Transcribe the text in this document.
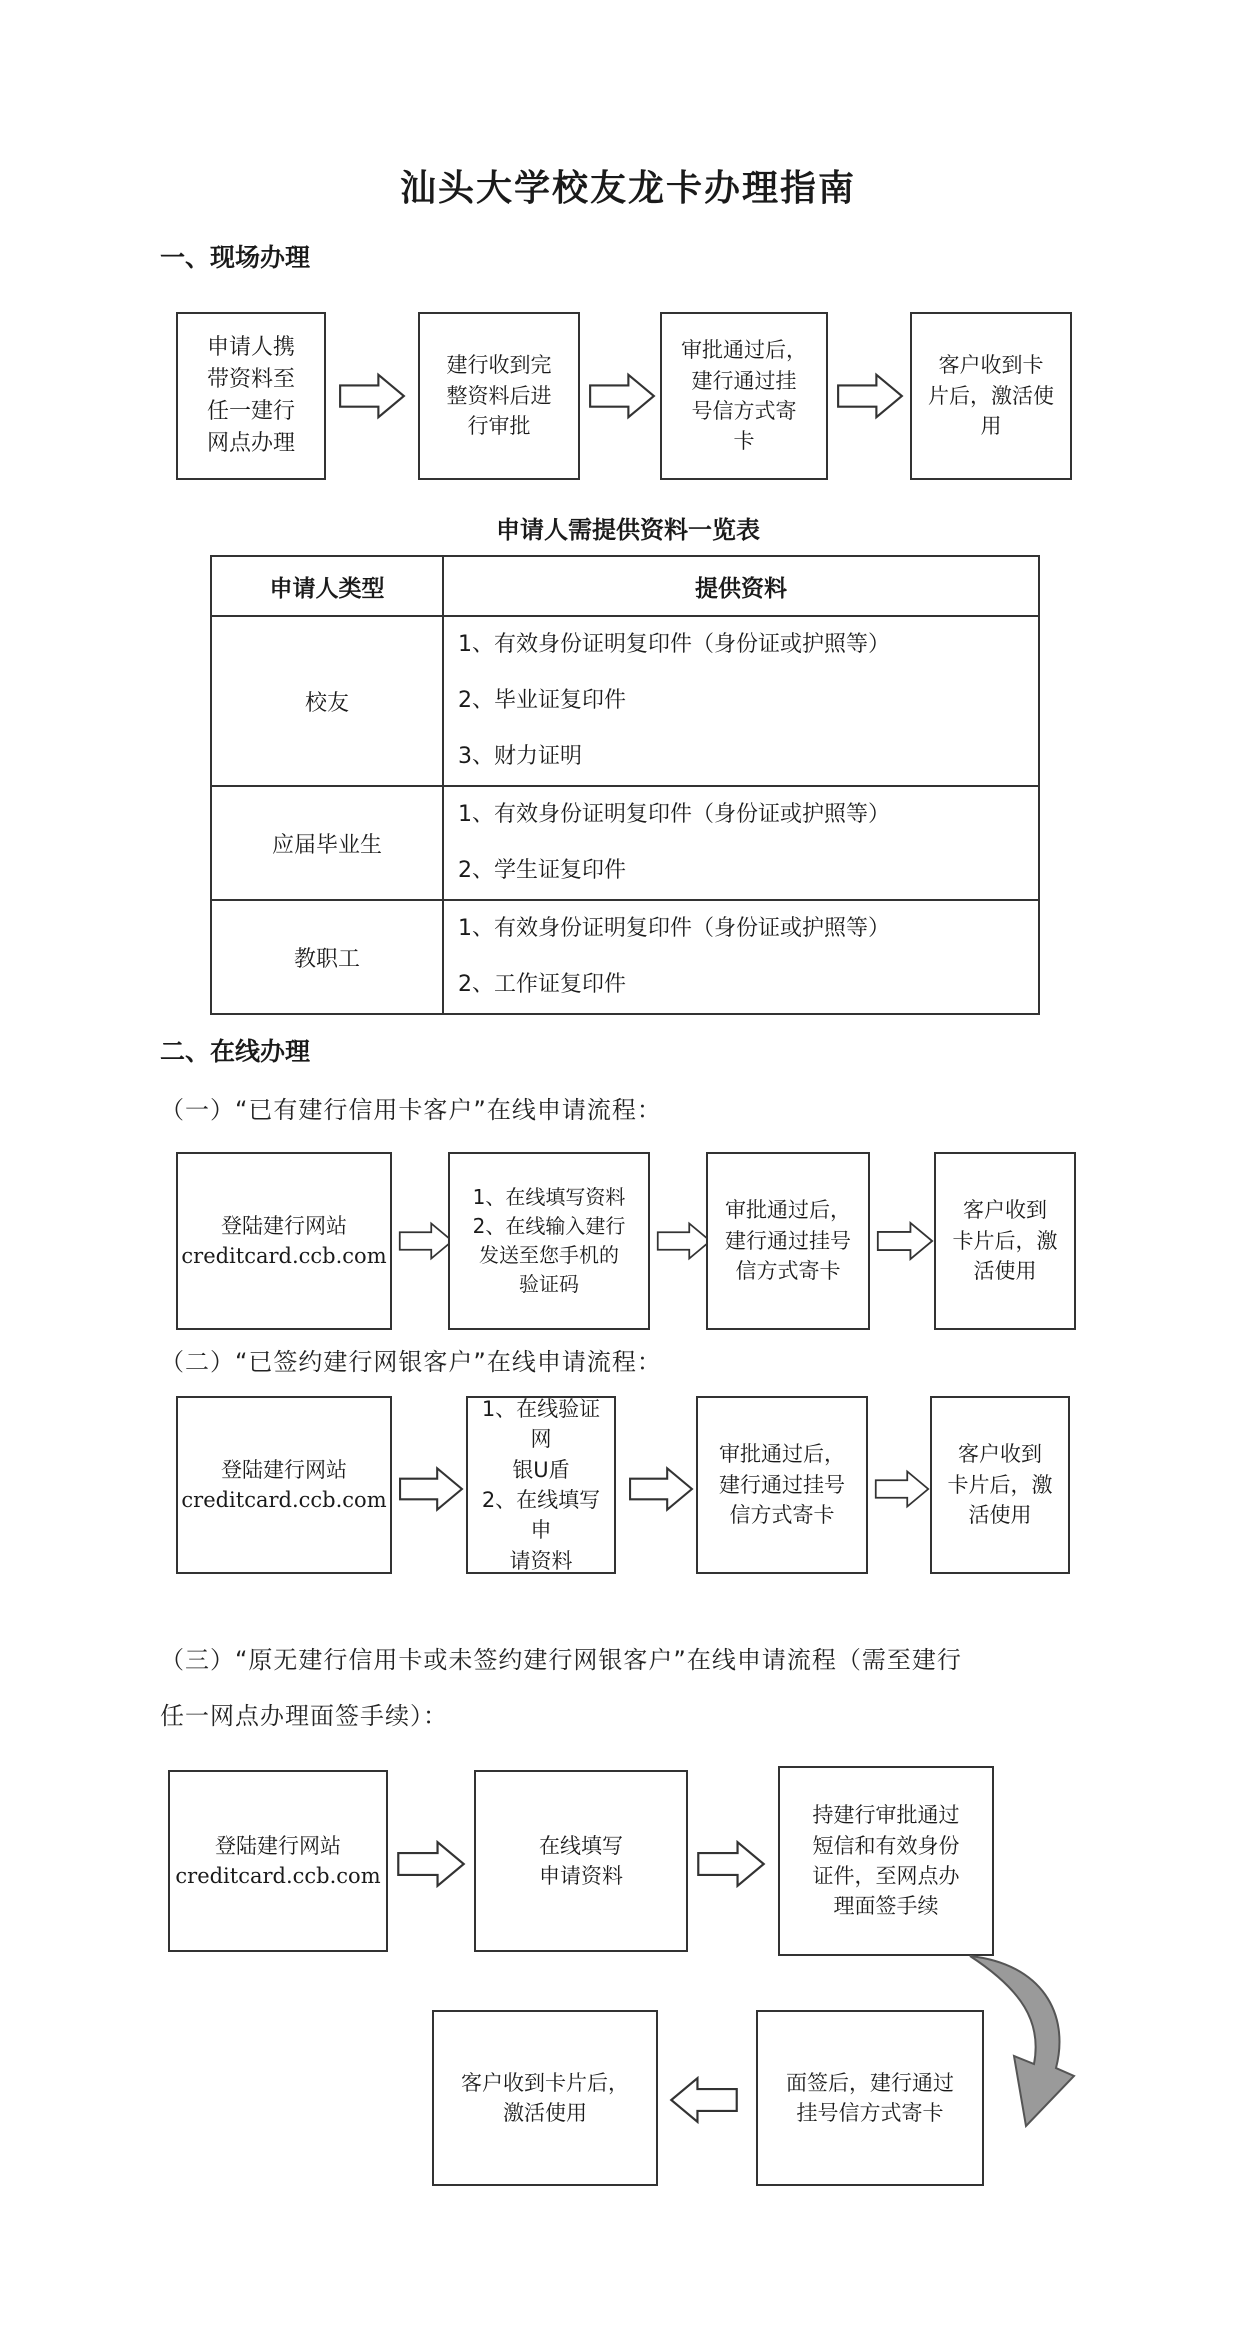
汕头大学校友龙卡办理指南
一、现场办理
申请人携
带资料至
任一建行
网点办理
建行收到完
整资料后进
行审批
审批通过后，
建行通过挂
号信方式寄
卡
客户收到卡
片后，激活使
用
申请人需提供资料一览表
申请人类型	提供资料
校友	1、有效身份证明复印件（身份证或护照等）
2、毕业证复印件
3、财力证明

应届毕业生	1、有效身份证明复印件（身份证或护照等）
2、学生证复印件

教职工	1、有效身份证明复印件（身份证或护照等）
2、工作证复印件
二、在线办理
（一）“已有建行信用卡客户”在线申请流程：
登陆建行网站
creditcard.ccb.com
1、在线填写资料
2、在线输入建行
发送至您手机的
验证码
审批通过后，
建行通过挂号
信方式寄卡
客户收到
卡片后，激
活使用
（二）“已签约建行网银客户”在线申请流程：
登陆建行网站
creditcard.ccb.com
1、在线验证网
银U盾
2、在线填写申
请资料
审批通过后，
建行通过挂号
信方式寄卡
客户收到
卡片后，激
活使用
（三）“原无建行信用卡或未签约建行网银客户”在线申请流程（需至建行
任一网点办理面签手续）：
登陆建行网站
creditcard.ccb.com
在线填写
申请资料
持建行审批通过
短信和有效身份
证件，至网点办
理面签手续
客户收到卡片后，
激活使用
面签后，建行通过
挂号信方式寄卡
